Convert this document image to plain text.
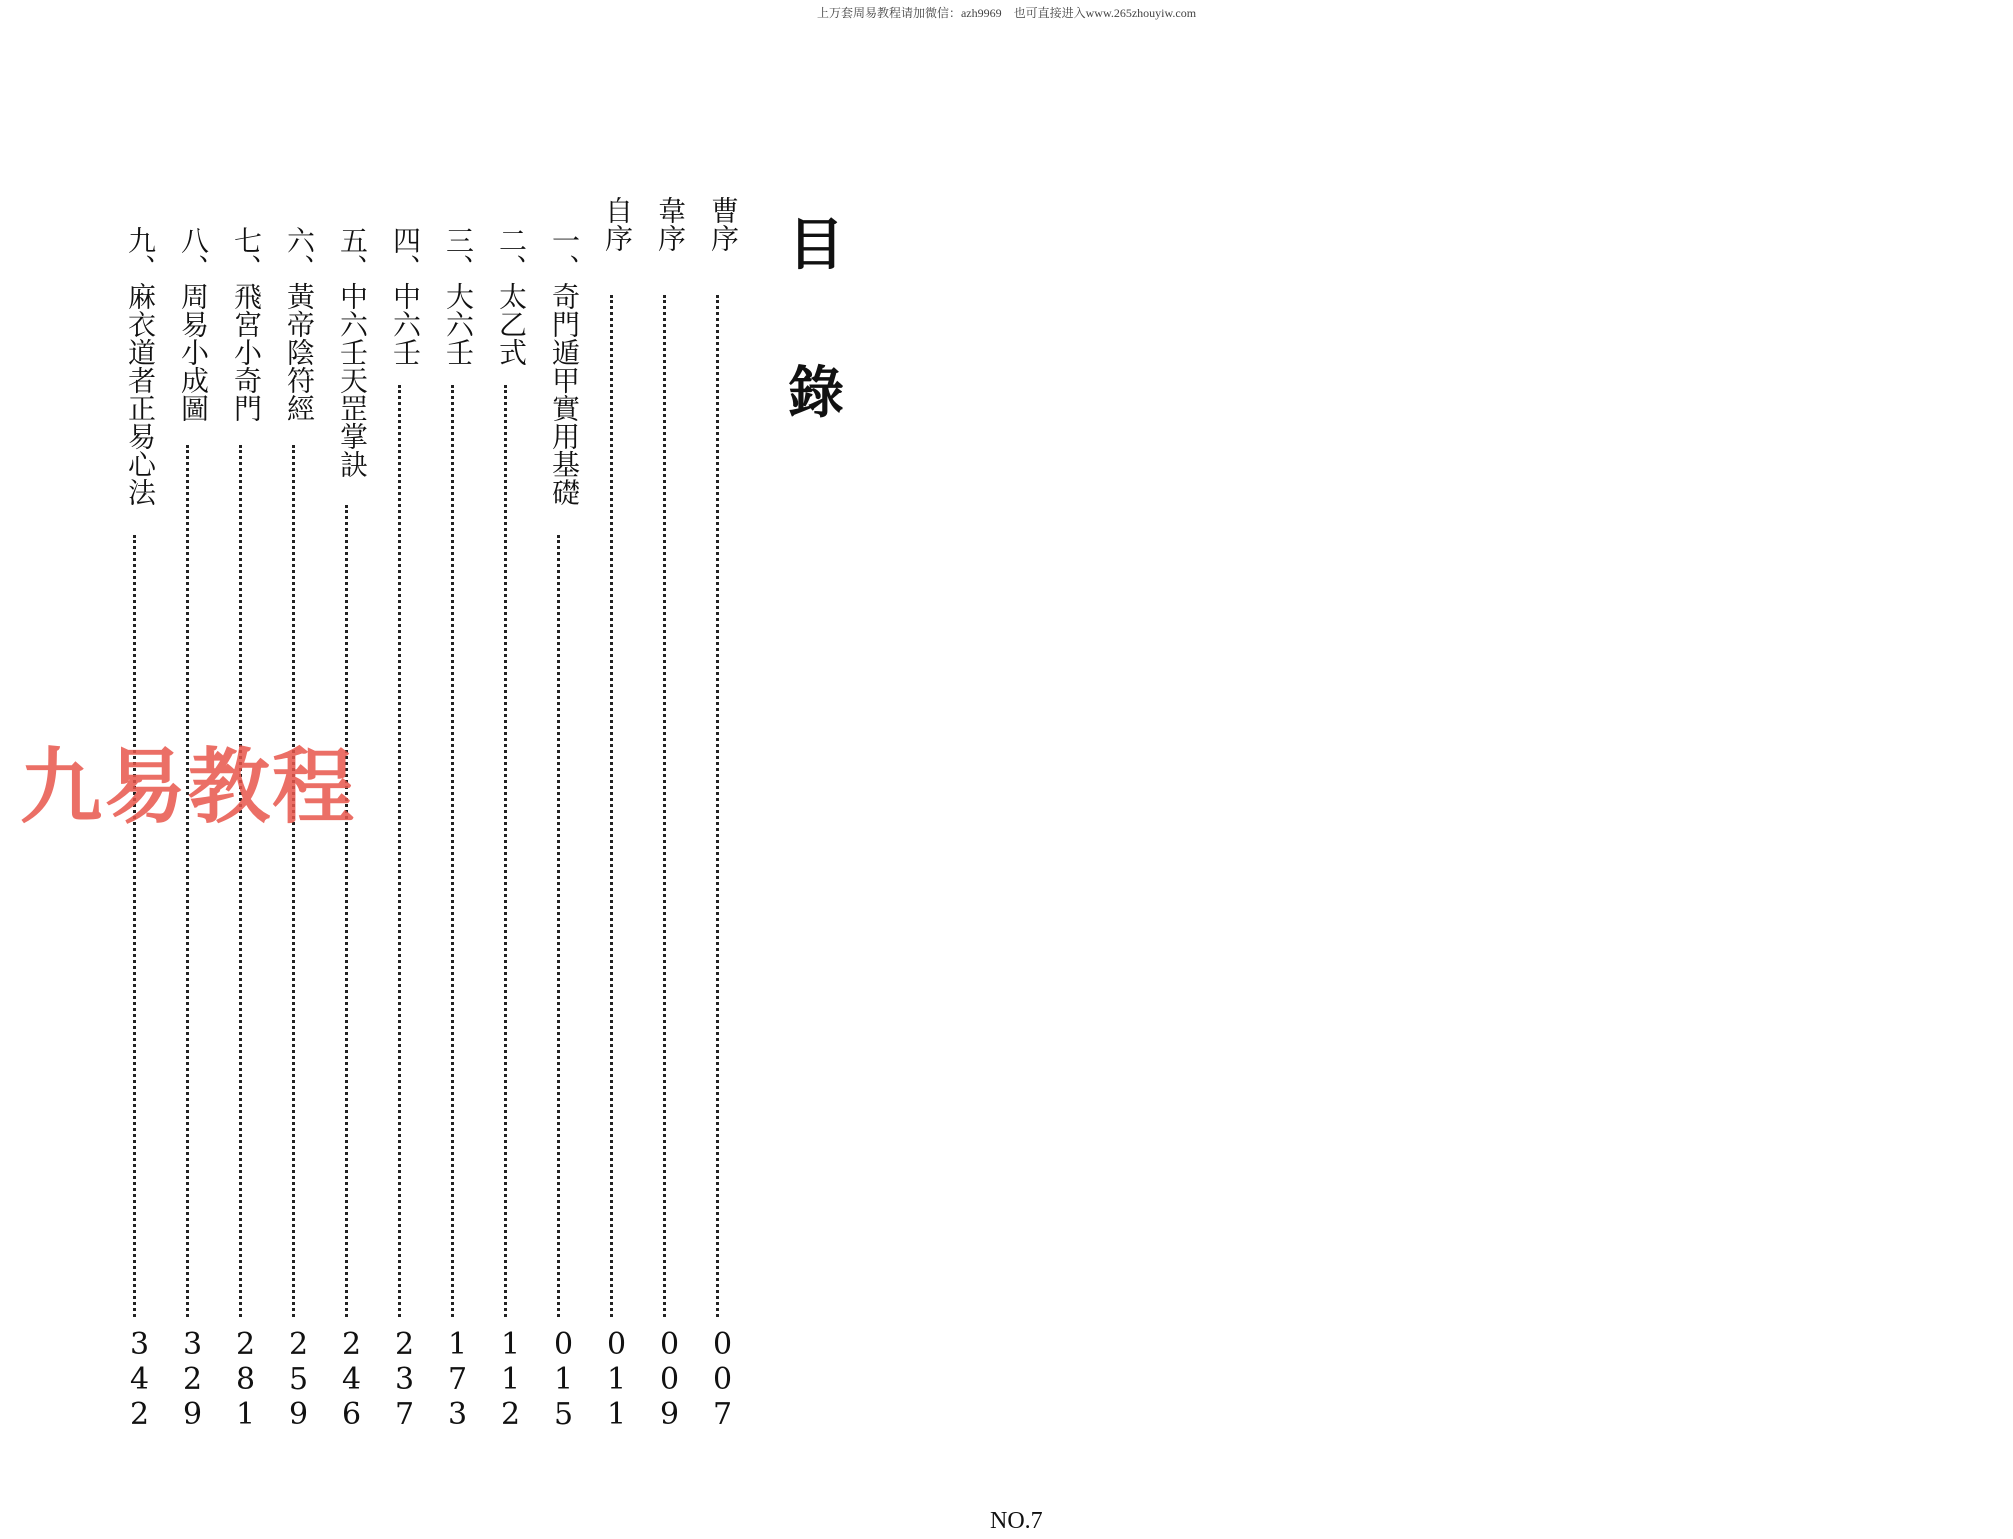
上万套周易教程请加微信：azh9969　也可直接进入www.265zhouyiw.com
目
錄
曹序
007
韋序
009
自序
011
一、奇門遁甲實用基礎
015
二、太乙式
112
三、大六壬
173
四、中六壬
237
五、中六壬天罡掌訣
246
六、黃帝陰符經
259
七、飛宮小奇門
281
八、周易小成圖
329
九、麻衣道者正易心法
342
九易教程
NO.7
